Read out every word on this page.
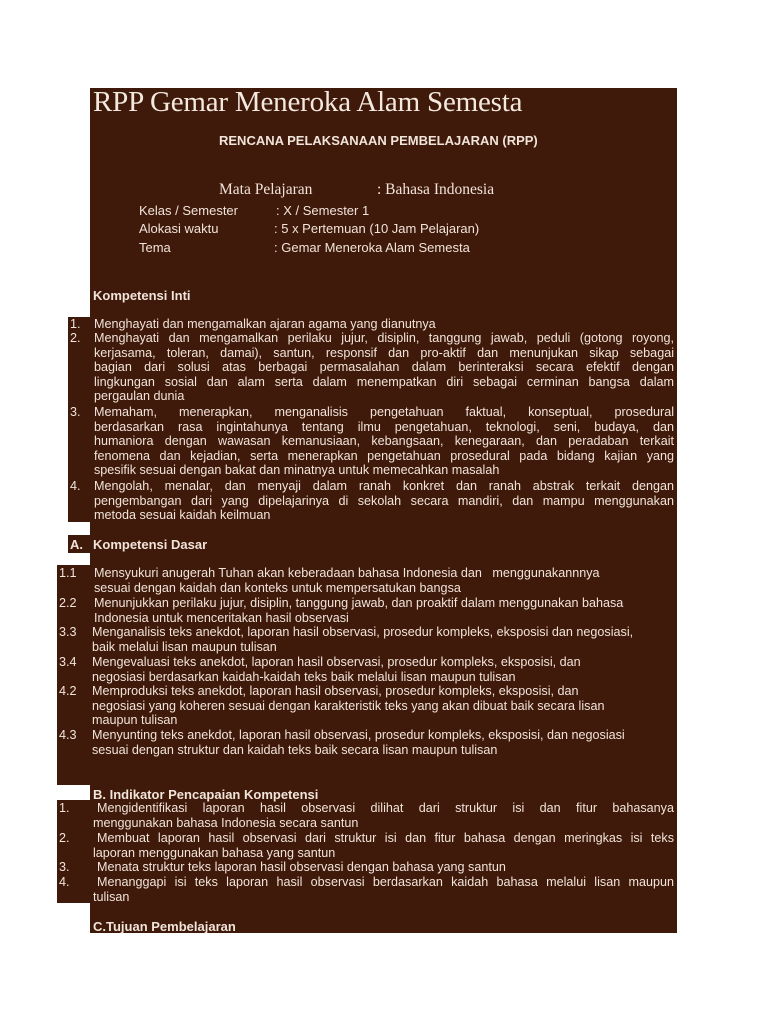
RPP Gemar Meneroka Alam Semesta
RENCANA PELAKSANAAN PEMBELAJARAN (RPP)
Mata Pelajaran	: Bahasa Indonesia
Kelas / Semester	: X / Semester 1
Alokasi waktu	: 5 x Pertemuan (10 Jam Pelajaran)
Tema	: Gemar Meneroka Alam Semesta
Kompetensi Inti
1. Menghayati dan mengamalkan ajaran agama yang dianutnya
2. Menghayati dan mengamalkan perilaku jujur, disiplin, tanggung jawab, peduli (gotong royong,
kerjasama, toleran, damai), santun, responsif dan pro-aktif dan menunjukan sikap sebagai
bagian dari solusi atas berbagai permasalahan dalam berinteraksi secara efektif dengan
lingkungan sosial dan alam serta dalam menempatkan diri sebagai cerminan bangsa dalam
pergaulan dunia
3. Memaham, menerapkan, menganalisis pengetahuan faktual, konseptual, prosedural
berdasarkan rasa ingintahunya tentang ilmu pengetahuan, teknologi, seni, budaya, dan
humaniora dengan wawasan kemanusiaan, kebangsaan, kenegaraan, dan peradaban terkait
fenomena dan kejadian, serta menerapkan pengetahuan prosedural pada bidang kajian yang
spesifik sesuai dengan bakat dan minatnya untuk memecahkan masalah
4. Mengolah, menalar, dan menyaji dalam ranah konkret dan ranah abstrak terkait dengan
pengembangan dari yang dipelajarinya di sekolah secara mandiri, dan mampu menggunakan
metoda sesuai kaidah keilmuan
A. Kompetensi Dasar
1.1 Mensyukuri anugerah Tuhan akan keberadaan bahasa Indonesia dan   menggunakannnya
sesuai dengan kaidah dan konteks untuk mempersatukan bangsa
2.2 Menunjukkan perilaku jujur, disiplin, tanggung jawab, dan proaktif dalam menggunakan bahasa
Indonesia untuk menceritakan hasil observasi
3.3 Menganalisis teks anekdot, laporan hasil observasi, prosedur kompleks, eksposisi dan negosiasi,
baik melalui lisan maupun tulisan
3.4 Mengevaluasi teks anekdot, laporan hasil observasi, prosedur kompleks, eksposisi, dan
negosiasi berdasarkan kaidah-kaidah teks baik melalui lisan maupun tulisan
4.2 Memproduksi teks anekdot, laporan hasil observasi, prosedur kompleks, eksposisi, dan
negosiasi yang koheren sesuai dengan karakteristik teks yang akan dibuat baik secara lisan
maupun tulisan
4.3 Menyunting teks anekdot, laporan hasil observasi, prosedur kompleks, eksposisi, dan negosiasi
sesuai dengan struktur dan kaidah teks baik secara lisan maupun tulisan
B. Indikator Pencapaian Kompetensi
1.	Mengidentifikasi laporan hasil observasi dilihat dari struktur isi dan fitur bahasanya
menggunakan bahasa Indonesia secara santun
2.	Membuat laporan hasil observasi dari struktur isi dan fitur bahasa dengan meringkas isi teks
laporan menggunakan bahasa yang santun
3. Menata struktur teks laporan hasil observasi dengan bahasa yang santun
4.	Menanggapi isi teks laporan hasil observasi berdasarkan kaidah bahasa melalui lisan maupun
tulisan
C.Tujuan Pembelajaran
